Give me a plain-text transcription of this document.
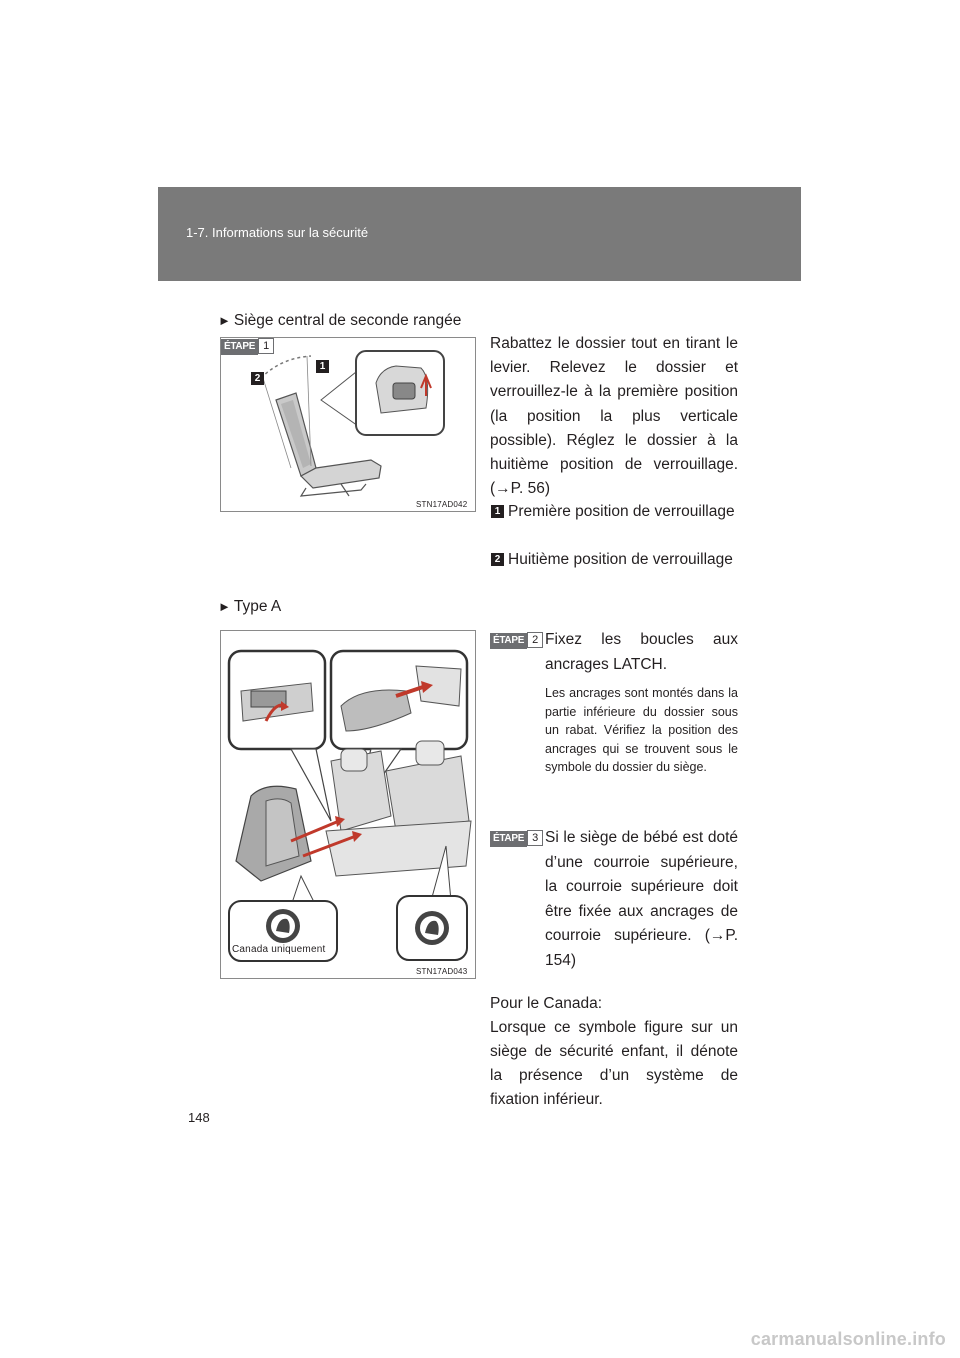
1-7. Informations sur la sécurité
► Siège central de seconde rangée
ÉTAPE 1
1
2
STN17AD042
Rabattez le dossier tout en tirant le levier. Relevez le dossier et verrouillez-le à la première position (la position la plus verticale possible). Réglez le dossier à la huitième position de verrouillage. (→P. 56)
1 Première position de verrouillage
2 Huitième position de verrouillage
► Type A
Canada uniquement
STN17AD043
ÉTAPE 2 Fixez les boucles aux ancrages LATCH.
Les ancrages sont montés dans la partie inférieure du dossier sous un rabat. Vérifiez la position des ancrages qui se trouvent sous le symbole du dossier du siège.
ÉTAPE 3 Si le siège de bébé est doté d’une courroie supérieure, la courroie supérieure doit être fixée aux ancrages de courroie supérieure. (→P. 154)
Pour le Canada:
Lorsque ce symbole figure sur un siège de sécurité enfant, il dénote la présence d’un système de fixation inférieur.
148
carmanualsonline.info
